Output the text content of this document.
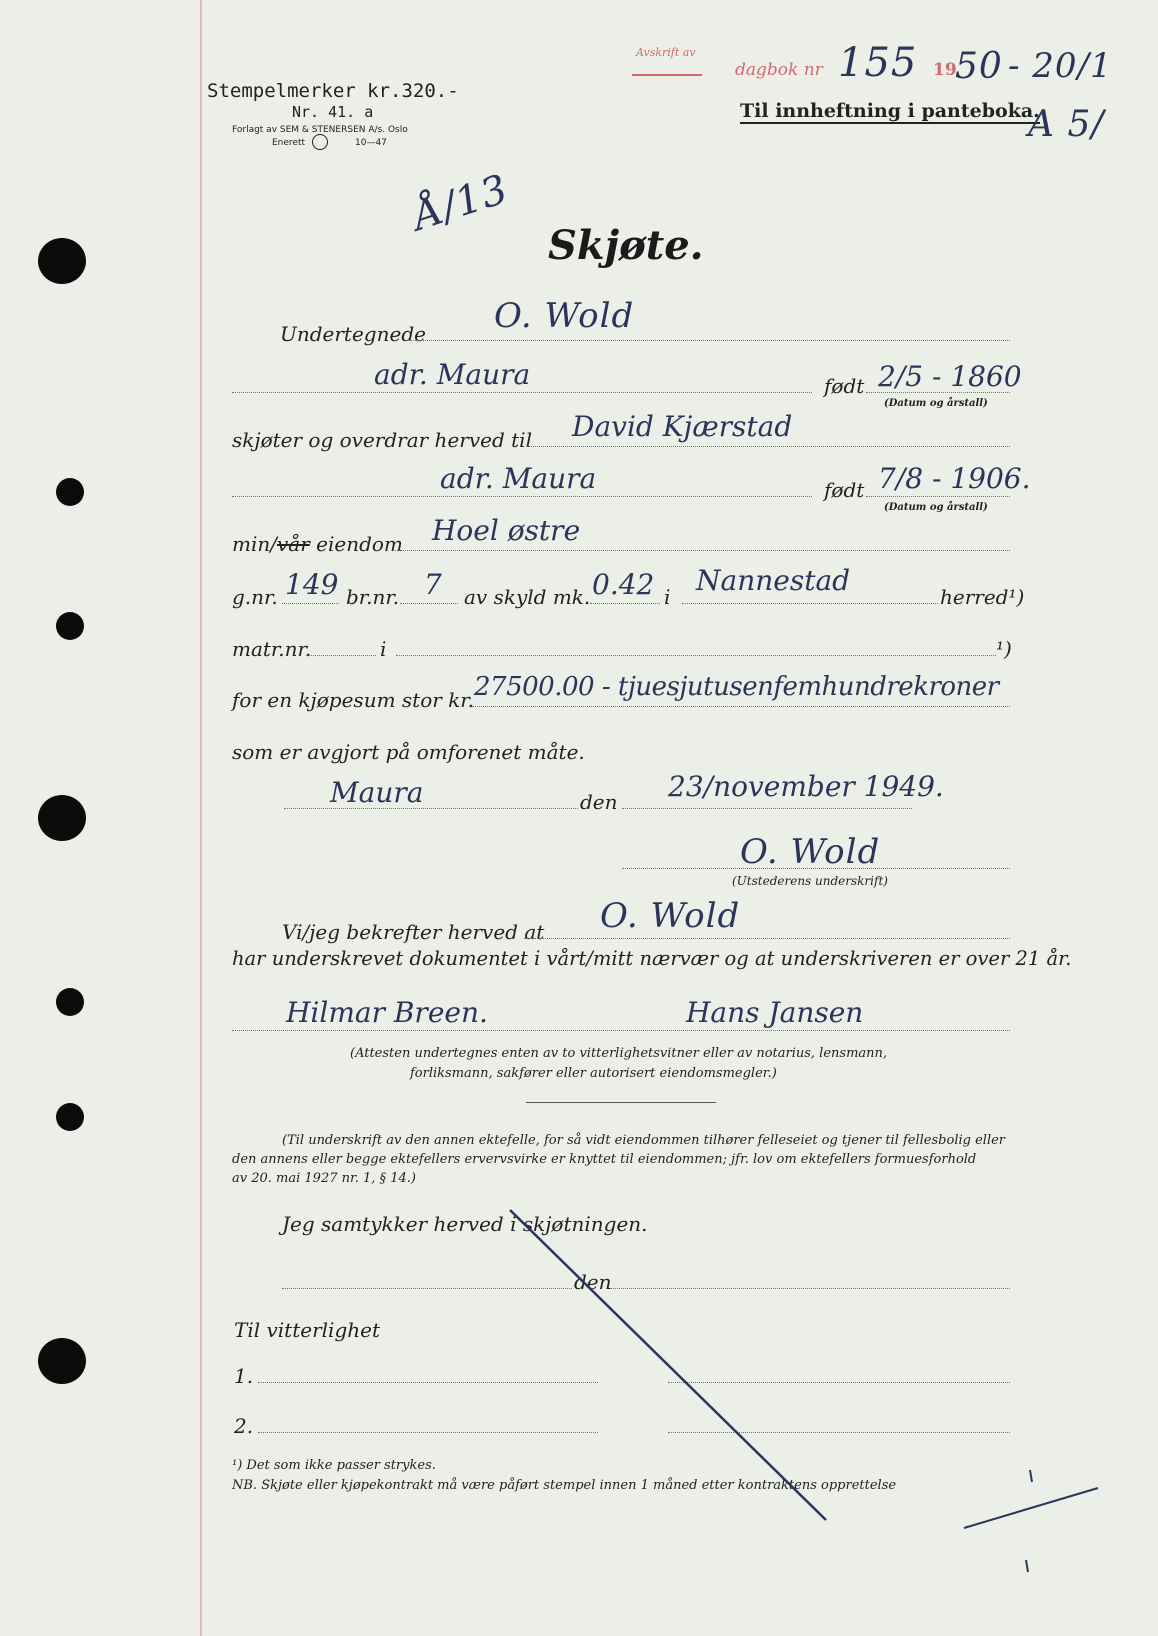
Stempelmerker kr.320.-
Nr. 41. a
Forlagt av SEM & STENERSEN A/s. Oslo
Enerett	10—47
Avskrift av
dagbok nr 155 19
50 - 20/1
Til innheftning i panteboka.
A 5/
Å/13
Skjøte.
Undertegnede O. Wold
adr. Maura	født 2/5 - 1860
(Datum og årstall)
skjøter og overdrar herved til David Kjærstad
adr. Maura	født 7/8 - 1906.
(Datum og årstall)
min/vår eiendom Hoel østre
g.nr. 149 br.nr. 7 av skyld mk. 0.42 i Nannestad	herred¹)
matr.nr.	i	¹)
for en kjøpesum stor kr. 27500.00 - tjuesjutusenfemhundrekroner
som er avgjort på omforenet måte.
Maura	den 23/november 1949.
O. Wold
(Utstederens underskrift)
Vi/jeg bekrefter herved at O. Wold
har underskrevet dokumentet i vårt/mitt nærvær og at underskriveren er over 21 år.
Hilmar Breen.	Hans Jansen
(Attesten undertegnes enten av to vitterlighetsvitner eller av notarius, lensmann,
forliksmann, sakfører eller autorisert eiendomsmegler.)
(Til underskrift av den annen ektefelle, for så vidt eiendommen tilhører felleseiet og tjener til fellesbolig eller
den annens eller begge ektefellers ervervsvirke er knyttet til eiendommen; jfr. lov om ektefellers formuesforhold
av 20. mai 1927 nr. 1, § 14.)
Jeg samtykker herved i skjøtningen.
den
Til vitterlighet
1.
2.
¹) Det som ikke passer strykes.
NB. Skjøte eller kjøpekontrakt må være påført stempel innen 1 måned etter kontraktens opprettelse
